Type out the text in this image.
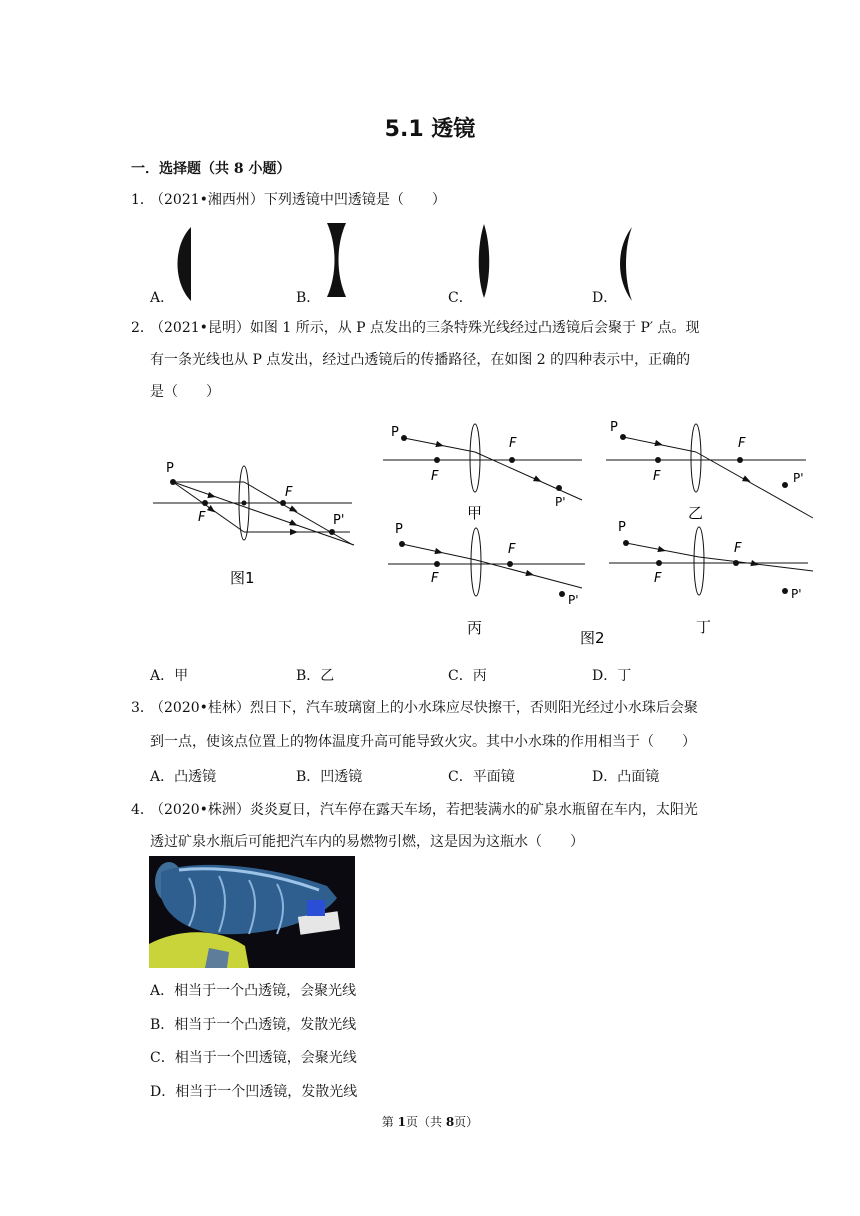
5.1 透镜
一．选择题（共 8 小题）
1．
（2021•湘西州）下列透镜中凹透镜是（　　）
A．	B．	C．	D．
2．
（2021•昆明）如图 1 所示，从 P 点发出的三条特殊光线经过凸透镜后会聚于 P′ 点。现
有一条光线也从 P 点发出，经过凸透镜后的传播路径，在如图 2 的四种表示中，正确的
是（　　）
P
F
F
P'
图1
P
F
F
P'
甲
P
F
F
P'
乙
P
F
F
P'
丙
图2
P
F
F
P'
丁
A．甲	B．乙	C．丙	D．丁
3．
（2020•桂林）烈日下，汽车玻璃窗上的小水珠应尽快擦干，否则阳光经过小水珠后会聚
到一点，使该点位置上的物体温度升高可能导致火灾。其中小水珠的作用相当于（　　）
A．凸透镜	B．凹透镜	C．平面镜	D．凸面镜
4．
（2020•株洲）炎炎夏日，汽车停在露天车场，若把装满水的矿泉水瓶留在车内，太阳光
透过矿泉水瓶后可能把汽车内的易燃物引燃，这是因为这瓶水（　　）
A．相当于一个凸透镜，会聚光线
B．相当于一个凸透镜，发散光线
C．相当于一个凹透镜，会聚光线
D．相当于一个凹透镜，发散光线
第 1页（共 8页）
